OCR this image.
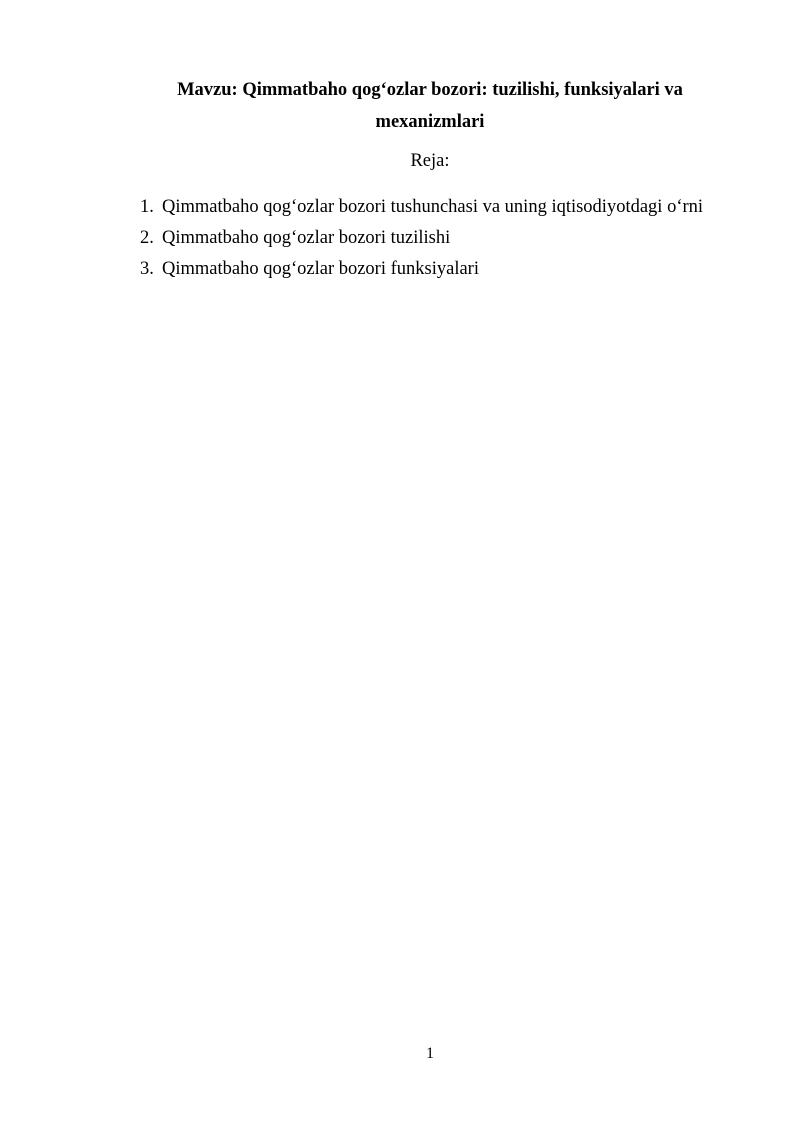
Mavzu: Qimmatbaho qog‘ozlar bozori: tuzilishi, funksiyalari va mexanizmlari

Reja:

1. Qimmatbaho qog‘ozlar bozori tushunchasi va uning iqtisodiyotdagi o‘rni
2. Qimmatbaho qog‘ozlar bozori tuzilishi
3. Qimmatbaho qog‘ozlar bozori funksiyalari
1
